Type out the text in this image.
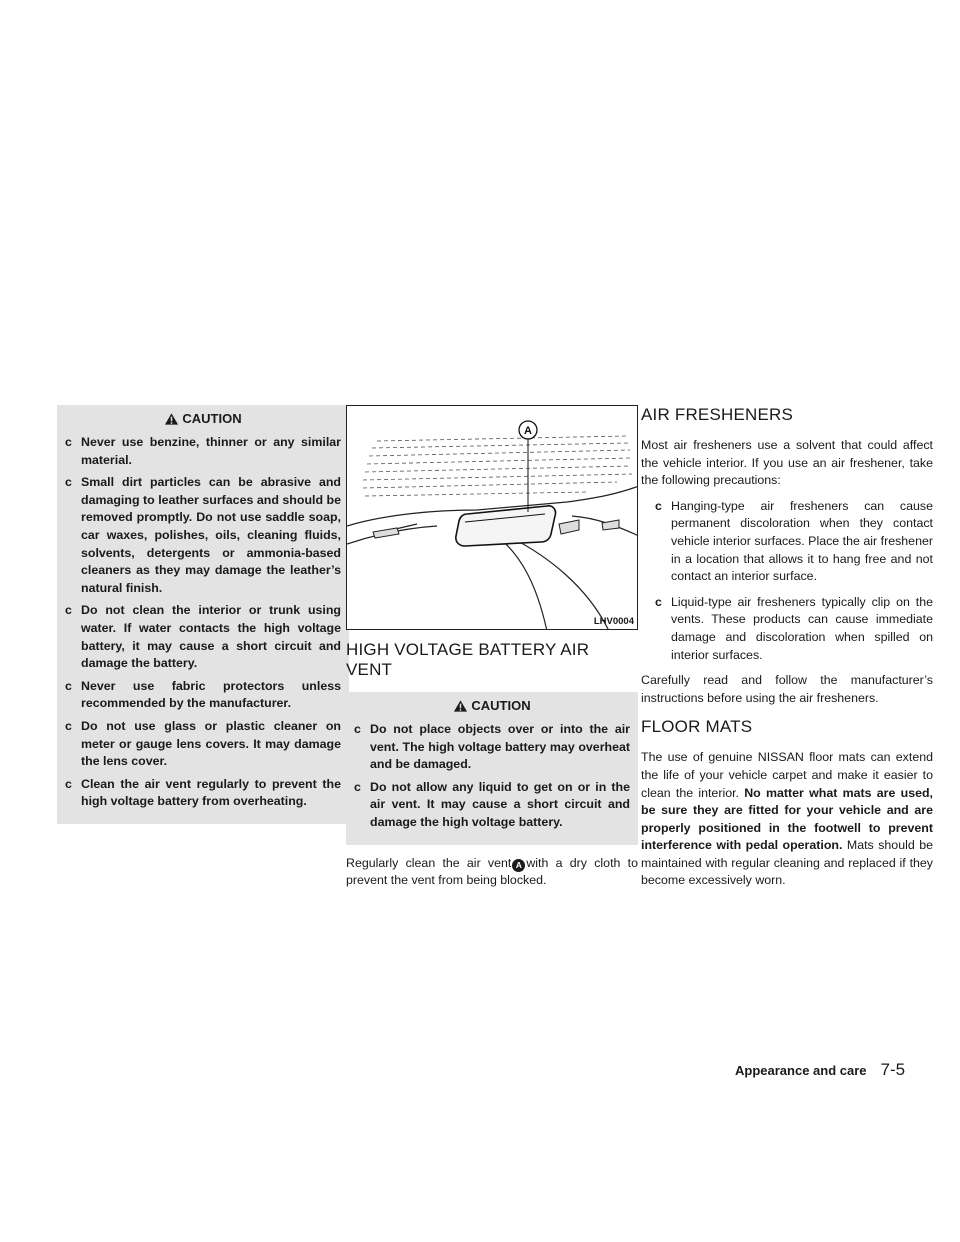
CAUTION
c Never use benzine, thinner or any similar material.
c Small dirt particles can be abrasive and damaging to leather surfaces and should be removed promptly. Do not use saddle soap, car waxes, polishes, oils, cleaning fluids, solvents, detergents or ammonia-based cleaners as they may damage the leather’s natural finish.
c Do not clean the interior or trunk using water. If water contacts the high voltage battery, it may cause a short circuit and damage the battery.
c Never use fabric protectors unless recommended by the manufacturer.
c Do not use glass or plastic cleaner on meter or gauge lens covers. It may damage the lens cover.
c Clean the air vent regularly to prevent the high voltage battery from overheating.
A
LHV0004
HIGH VOLTAGE BATTERY AIR VENT
CAUTION
c Do not place objects over or into the air vent. The high voltage battery may overheat and be damaged.
c Do not allow any liquid to get on or in the air vent. It may cause a short circuit and damage the high voltage battery.

Regularly clean the air vent A with a dry cloth to prevent the vent from being blocked.

AIR FRESHENERS

Most air fresheners use a solvent that could affect the vehicle interior. If you use an air freshener, take the following precautions:

c Hanging-type air fresheners can cause permanent discoloration when they contact vehicle interior surfaces. Place the air freshener in a location that allows it to hang free and not contact an interior surface.
c Liquid-type air fresheners typically clip on the vents. These products can cause immediate damage and discoloration when spilled on interior surfaces.

Carefully read and follow the manufacturer’s instructions before using the air fresheners.

FLOOR MATS

The use of genuine NISSAN floor mats can extend the life of your vehicle carpet and make it easier to clean the interior. No matter what mats are used, be sure they are fitted for your vehicle and are properly positioned in the footwell to prevent interference with pedal operation. Mats should be maintained with regular cleaning and replaced if they become excessively worn.

Appearance and care 7-5
